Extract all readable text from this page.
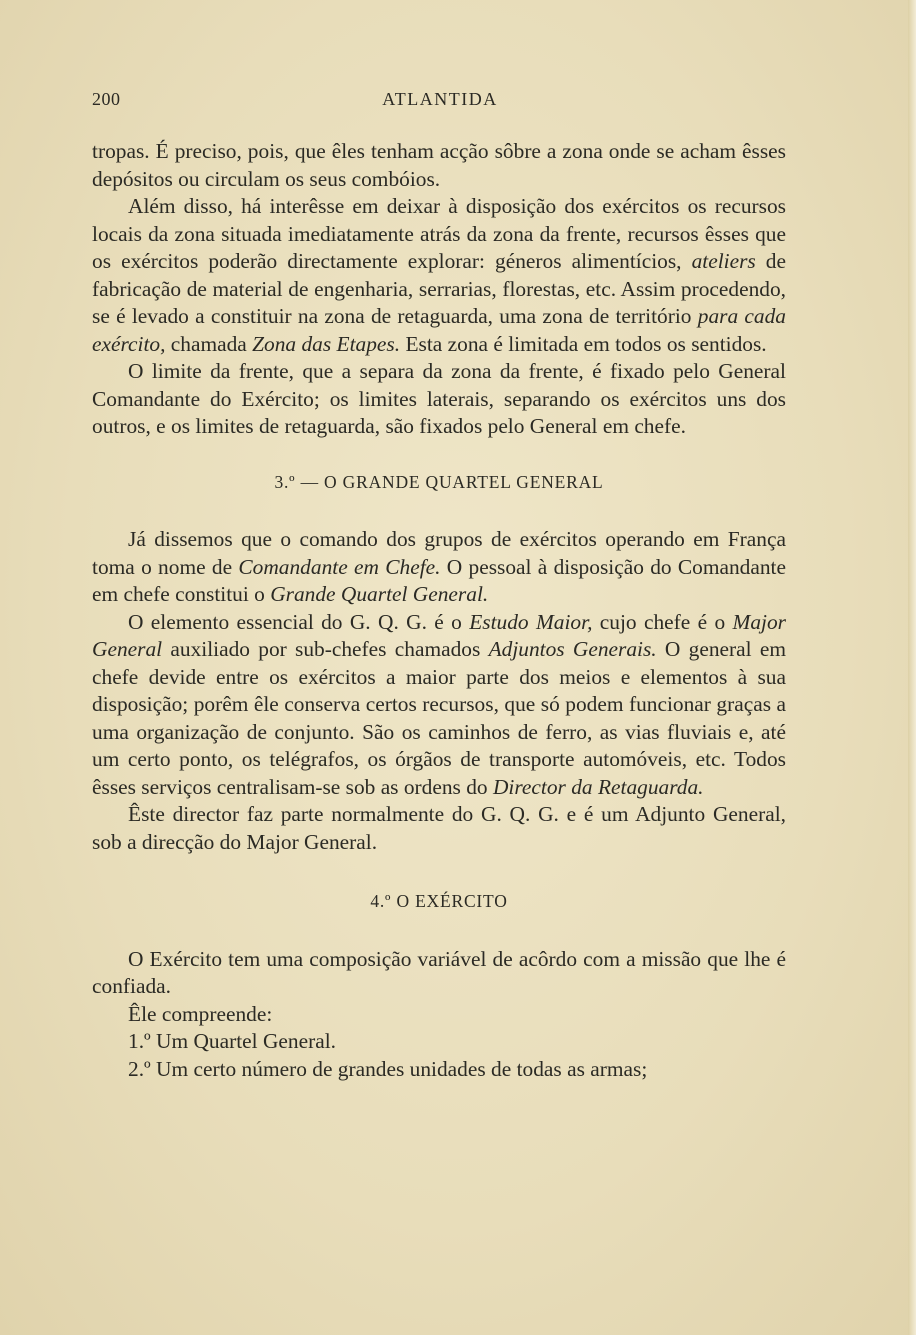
200	ATLANTIDA

tropas. É preciso, pois, que êles tenham acção sôbre a zona onde se acham êsses depósitos ou circulam os seus combóios.

Além disso, há interêsse em deixar à disposição dos exércitos os recursos locais da zona situada imediatamente atrás da zona da frente, recursos êsses que os exércitos poderão directamente explorar: géneros alimentícios, ateliers de fabricação de material de engenharia, serrarias, florestas, etc. Assim procedendo, se é levado a constituir na zona de retaguarda, uma zona de território para cada exército, chamada Zona das Etapes. Esta zona é limitada em todos os sentidos.

O limite da frente, que a separa da zona da frente, é fixado pelo General Comandante do Exército; os limites laterais, separando os exércitos uns dos outros, e os limites de retaguarda, são fixados pelo General em chefe.

3.º — O GRANDE QUARTEL GENERAL

Já dissemos que o comando dos grupos de exércitos operando em França toma o nome de Comandante em Chefe. O pessoal à disposição do Comandante em chefe constitui o Grande Quartel General.

O elemento essencial do G. Q. G. é o Estudo Maior, cujo chefe é o Major General auxiliado por sub-chefes chamados Adjuntos Generais. O general em chefe devide entre os exércitos a maior parte dos meios e elementos à sua disposição; porêm êle conserva certos recursos, que só podem funcionar graças a uma organização de conjunto. São os caminhos de ferro, as vias fluviais e, até um certo ponto, os telégrafos, os órgãos de transporte automóveis, etc. Todos êsses serviços centralisam-se sob as ordens do Director da Retaguarda.

Êste director faz parte normalmente do G. Q. G. e é um Adjunto General, sob a direcção do Major General.

4.º O EXÉRCITO

O Exército tem uma composição variável de acôrdo com a missão que lhe é confiada.

Êle compreende:

1.º Um Quartel General.

2.º Um certo número de grandes unidades de todas as armas;
